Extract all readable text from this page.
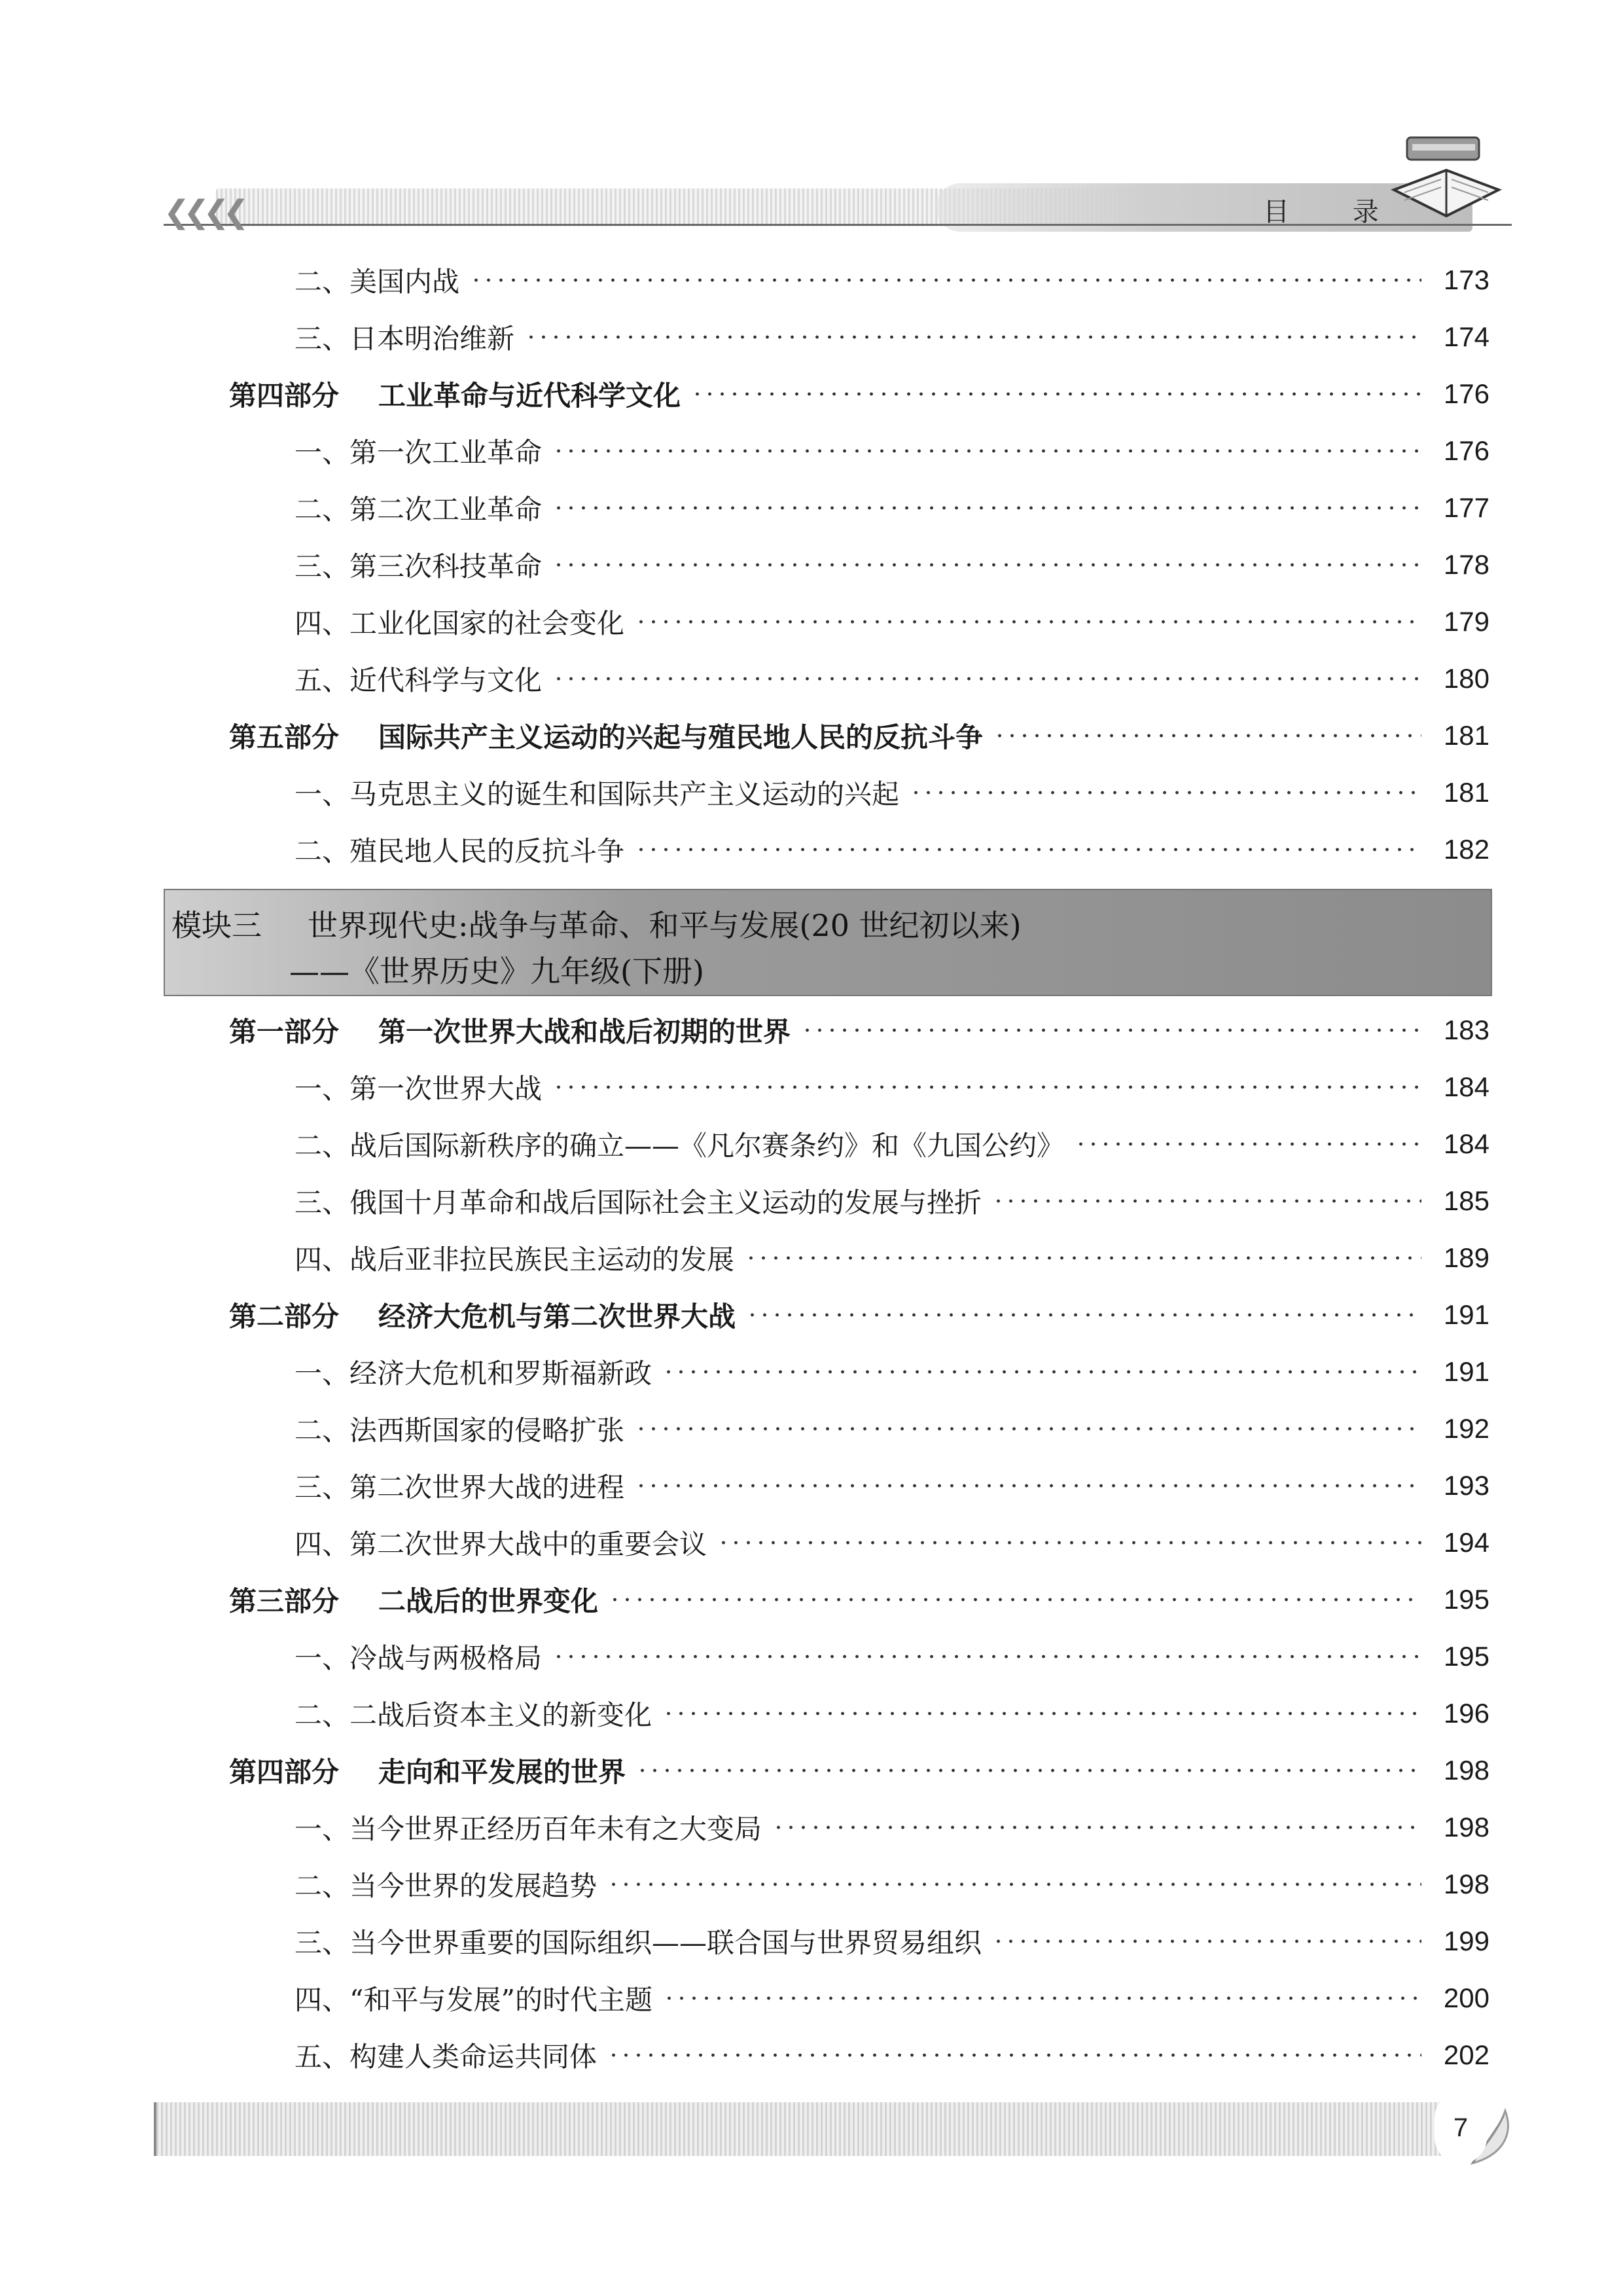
❮❮❮❮	目 录
二、美国内战	173
三、日本明治维新	174
第四部分 工业革命与近代科学文化	176
一、第一次工业革命	176
二、第二次工业革命	177
三、第三次科技革命	178
四、工业化国家的社会变化	179
五、近代科学与文化	180
第五部分 国际共产主义运动的兴起与殖民地人民的反抗斗争	181
一、马克思主义的诞生和国际共产主义运动的兴起	181
二、殖民地人民的反抗斗争	182
模块三 世界现代史:战争与革命、和平与发展(20 世纪初以来)
——《世界历史》九年级(下册)
第一部分 第一次世界大战和战后初期的世界	183
一、第一次世界大战	184
二、战后国际新秩序的确立——《凡尔赛条约》和《九国公约》	184
三、俄国十月革命和战后国际社会主义运动的发展与挫折	185
四、战后亚非拉民族民主运动的发展	189
第二部分 经济大危机与第二次世界大战	191
一、经济大危机和罗斯福新政	191
二、法西斯国家的侵略扩张	192
三、第二次世界大战的进程	193
四、第二次世界大战中的重要会议	194
第三部分 二战后的世界变化	195
一、冷战与两极格局	195
二、二战后资本主义的新变化	196
第四部分 走向和平发展的世界	198
一、当今世界正经历百年未有之大变局	198
二、当今世界的发展趋势	198
三、当今世界重要的国际组织——联合国与世界贸易组织	199
四、“和平与发展”的时代主题	200
五、构建人类命运共同体	202
7
